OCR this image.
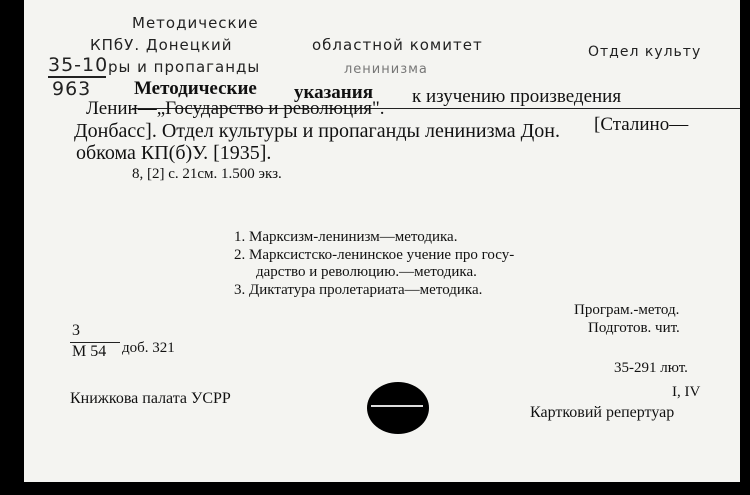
Методические
КПбУ. Донецкий	областной комитет	Отдел культу
ры и пропаганды	ленинизма
35-10
963 Методические указания к изучению произведения
Ленин—„Государство и революция".
[Сталино—
Донбасс]. Отдел культуры и пропаганды ленинизма Дон.
обкома КП(б)У. [1935].
8, [2] с. 21см. 1.500 экз.
1. Марксизм-ленинизм—методика.
2. Марксистско-ленинское учение про госу-
дарство и революцию.—методика.
3. Диктатура пролетариата—методика.
Програм.-метод.
Подготов. чит.
3
М 54 доб. 321
35-291 лют.
I, IV
Картковий репертуар
Книжкова палата УСРР
